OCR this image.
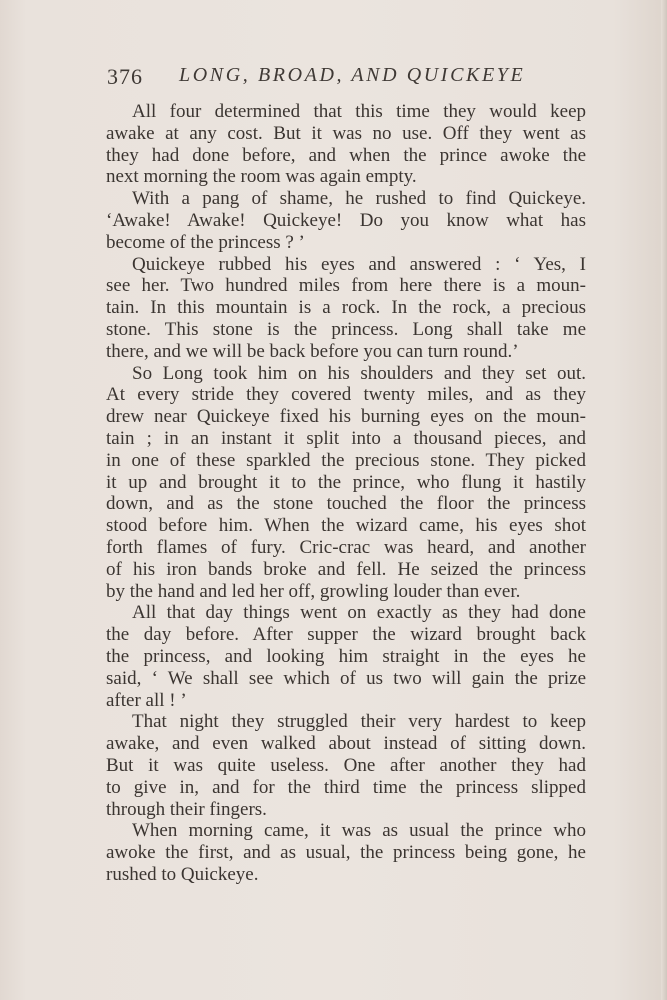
376 LONG, BROAD, AND QUICKEYE
All four determined that this time they would keep
awake at any cost. But it was no use. Off they went as
they had done before, and when the prince awoke the
next morning the room was again empty.
With a pang of shame, he rushed to find Quickeye.
‘Awake! Awake! Quickeye! Do you know what has
become of the princess ? ’
Quickeye rubbed his eyes and answered : ‘ Yes, I
see her. Two hundred miles from here there is a moun-
tain. In this mountain is a rock. In the rock, a precious
stone. This stone is the princess. Long shall take me
there, and we will be back before you can turn round.’
So Long took him on his shoulders and they set out.
At every stride they covered twenty miles, and as they
drew near Quickeye fixed his burning eyes on the moun-
tain ; in an instant it split into a thousand pieces, and
in one of these sparkled the precious stone. They picked
it up and brought it to the prince, who flung it hastily
down, and as the stone touched the floor the princess
stood before him. When the wizard came, his eyes shot
forth flames of fury. Cric-crac was heard, and another
of his iron bands broke and fell. He seized the princess
by the hand and led her off, growling louder than ever.
All that day things went on exactly as they had done
the day before. After supper the wizard brought back
the princess, and looking him straight in the eyes he
said, ‘ We shall see which of us two will gain the prize
after all ! ’
That night they struggled their very hardest to keep
awake, and even walked about instead of sitting down.
But it was quite useless. One after another they had
to give in, and for the third time the princess slipped
through their fingers.
When morning came, it was as usual the prince who
awoke the first, and as usual, the princess being gone, he
rushed to Quickeye.
